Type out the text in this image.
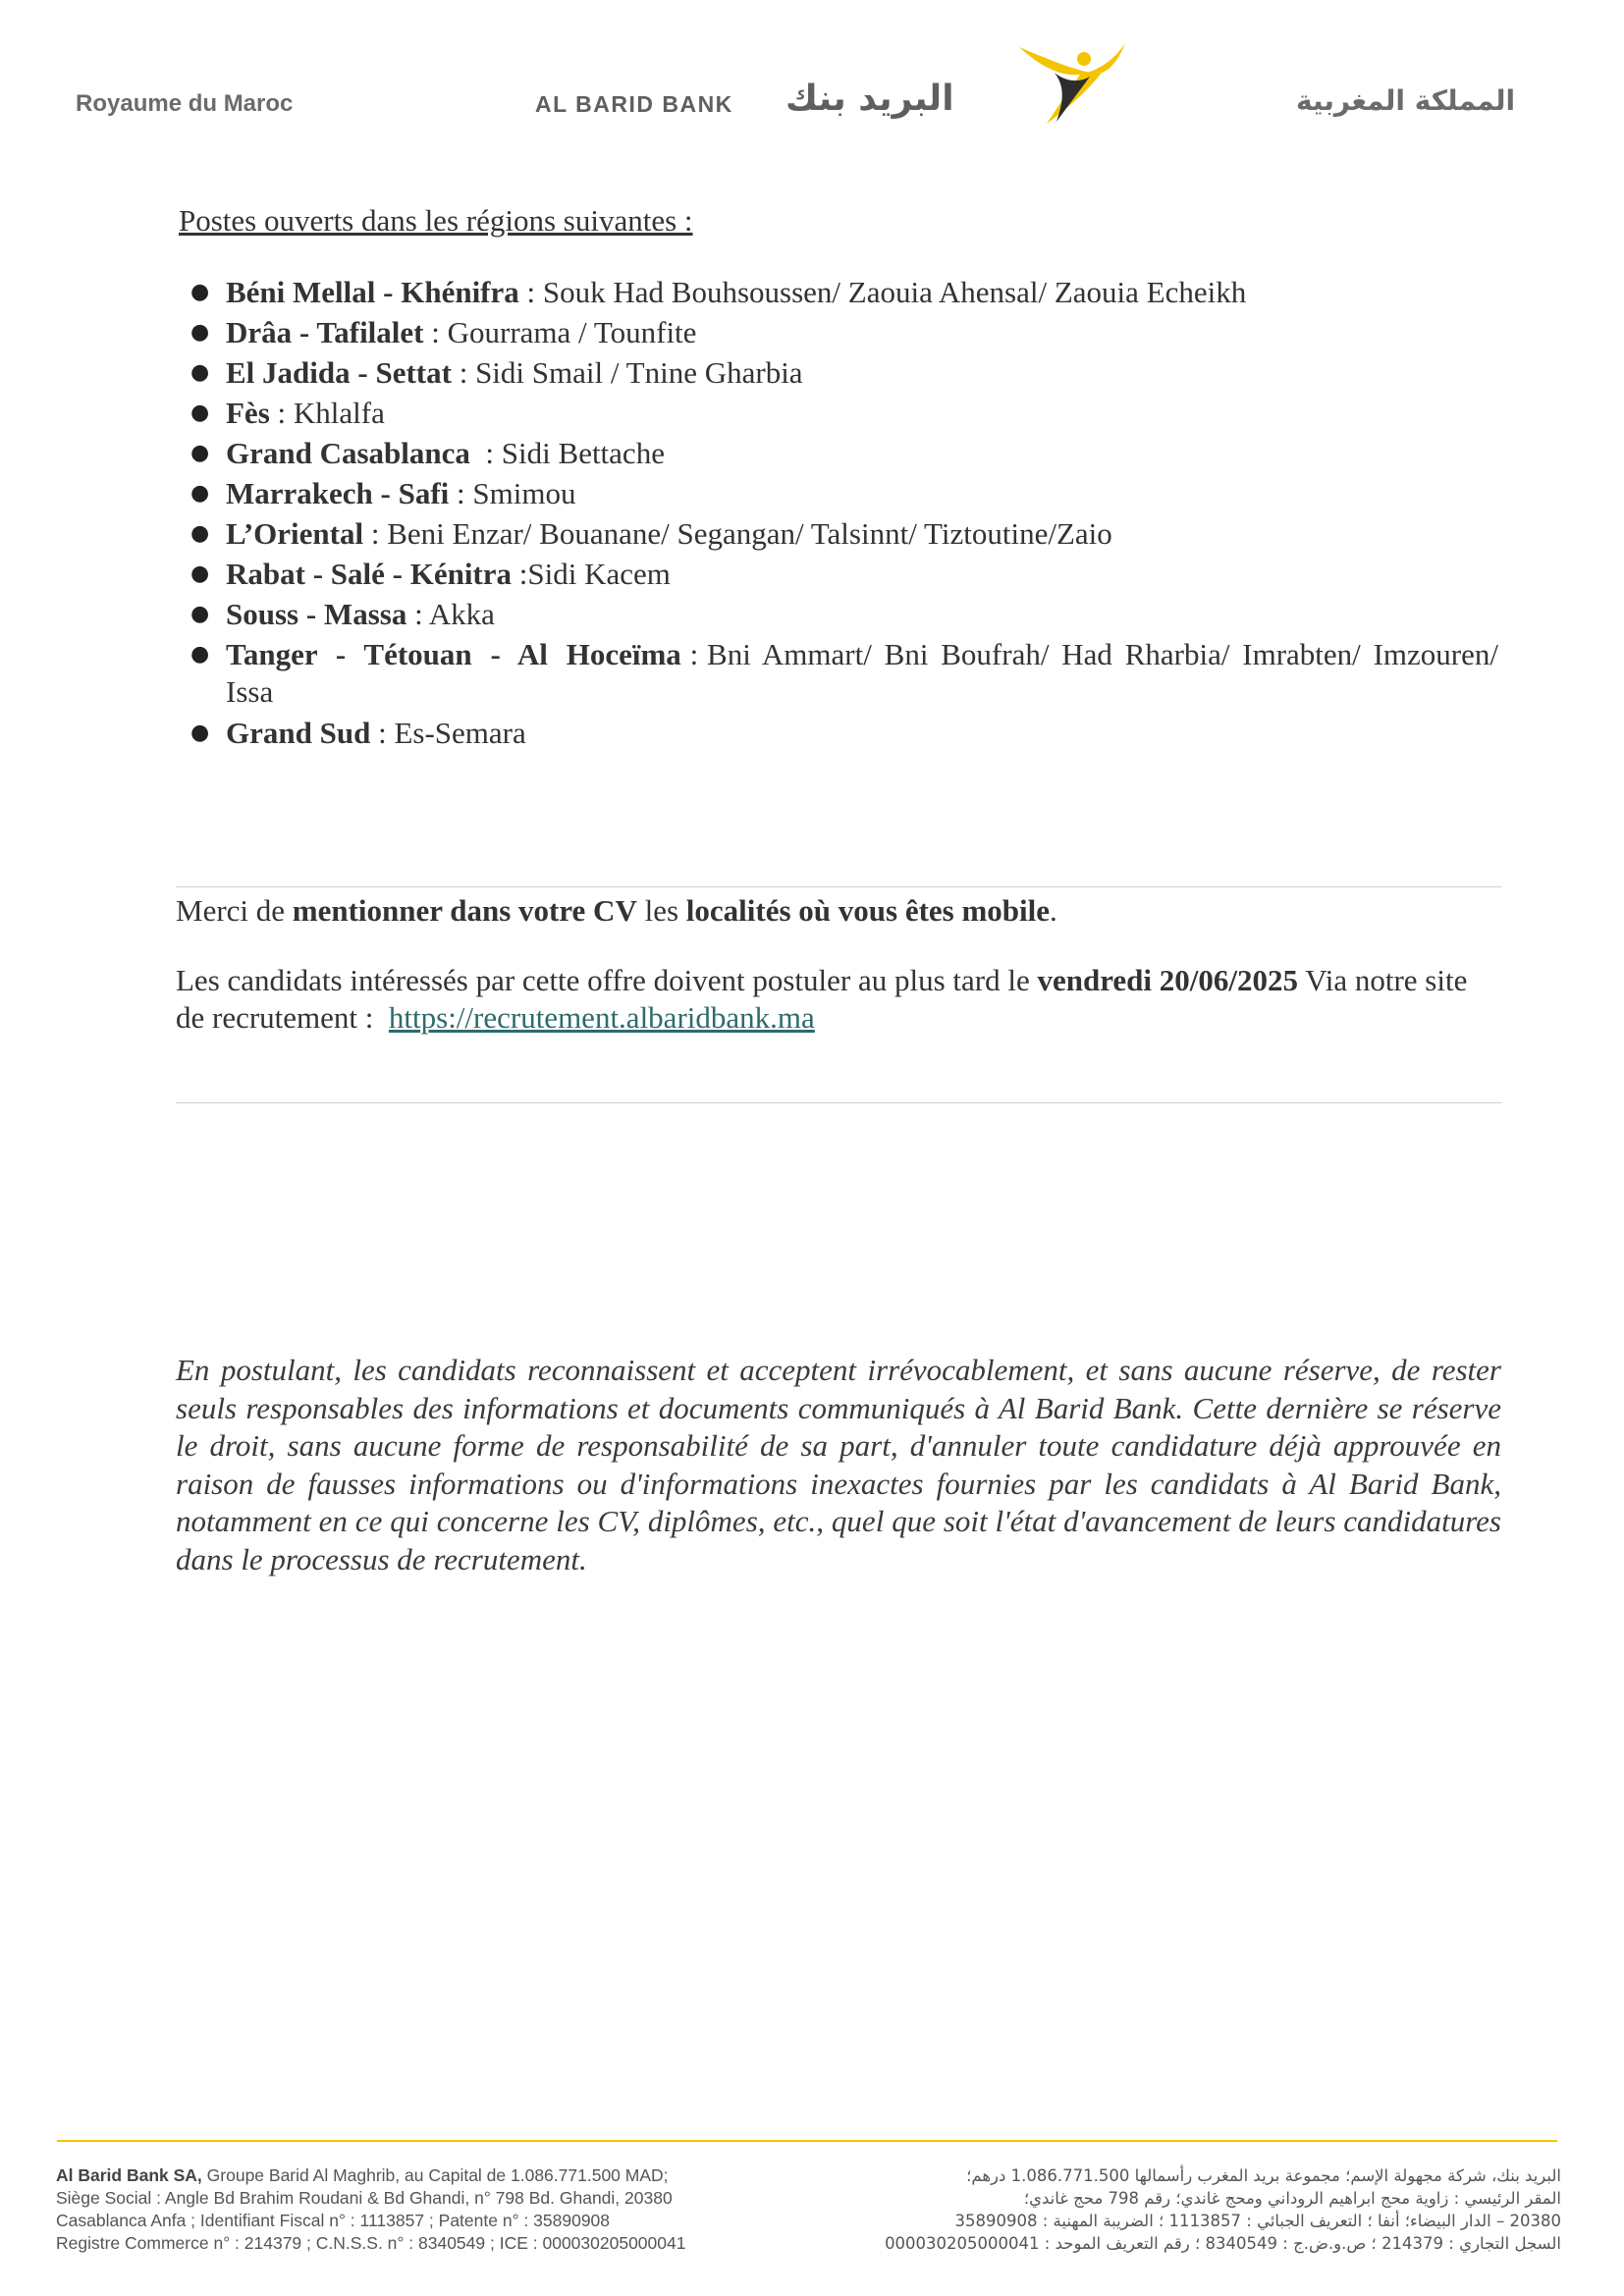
Royaume du Maroc	AL BARID BANK البريد بنك	المملكة المغربية
Postes ouverts dans les régions suivantes :
● Béni Mellal - Khénifra : Souk Had Bouhsoussen/ Zaouia Ahensal/ Zaouia Echeikh
● Drâa - Tafilalet : Gourrama / Tounfite
● El Jadida - Settat : Sidi Smail / Tnine Gharbia
● Fès : Khlalfa
● Grand Casablanca  : Sidi Bettache
● Marrakech - Safi : Smimou
● L’Oriental : Beni Enzar/ Bouanane/ Segangan/ Talsinnt/ Tiztoutine/Zaio
● Rabat - Salé - Kénitra :Sidi Kacem
● Souss - Massa : Akka
● Tanger - Tétouan - Al Hoceïma : Bni Ammart/ Bni Boufrah/ Had Rharbia/ Imrabten/ Imzouren/ Issa
● Grand Sud : Es-Semara
Merci de mentionner dans votre CV les localités où vous êtes mobile.
Les candidats intéressés par cette offre doivent postuler au plus tard le vendredi 20/06/2025 Via notre site de recrutement :  https://recrutement.albaridbank.ma
En postulant, les candidats reconnaissent et acceptent irrévocablement, et sans aucune réserve, de rester seuls responsables des informations et documents communiqués à Al Barid Bank. Cette dernière se réserve le droit, sans aucune forme de responsabilité de sa part, d'annuler toute candidature déjà approuvée en raison de fausses informations ou d'informations inexactes fournies par les candidats à Al Barid Bank, notamment en ce qui concerne les CV, diplômes, etc., quel que soit l'état d'avancement de leurs candidatures dans le processus de recrutement.
Al Barid Bank SA, Groupe Barid Al Maghrib, au Capital de 1.086.771.500 MAD;
Siège Social : Angle Bd Brahim Roudani & Bd Ghandi, n° 798 Bd. Ghandi, 20380
Casablanca Anfa ; Identifiant Fiscal n° : 1113857 ; Patente n° : 35890908
Registre Commerce n° : 214379 ; C.N.S.S. n° : 8340549 ; ICE : 000030205000041
البريد بنك، شركة مجهولة الإسم؛ مجموعة بريد المغرب رأسمالها 1.086.771.500 درهم؛
المقر الرئيسي : زاوية محج ابراهيم الروداني ومحج غاندي؛ رقم 798 محج غاندي؛
20380 – الدار البيضاء؛ أنفا ؛ التعريف الجبائي : 1113857 ؛ الضريبة المهنية : 35890908
السجل التجاري : 214379 ؛ ص.و.ض.ج : 8340549 ؛ رقم التعريف الموحد : 000030205000041
